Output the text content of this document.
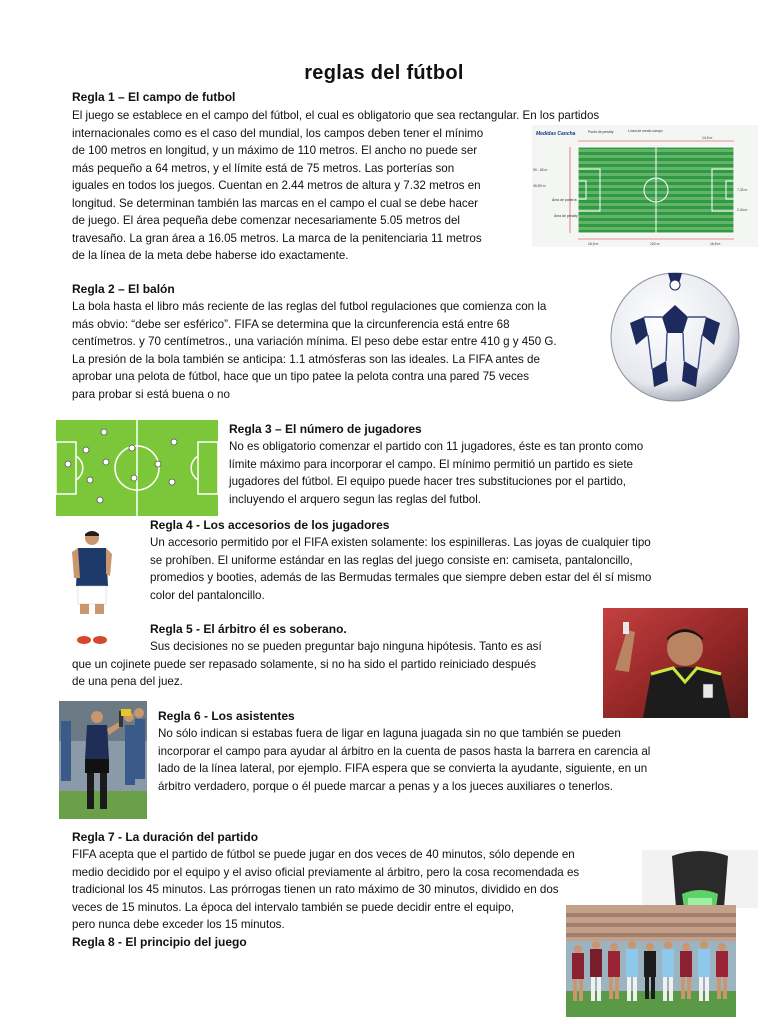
reglas del fútbol
Regla 1 – El campo de futbol
El juego se establece en el campo del fútbol, el cual es obligatorio que sea rectangular. En los partidos
internacionales como es el caso del mundial, los campos deben tener el mínimo
de 100 metros en longitud, y un máximo de 110 metros. El ancho no puede ser
más pequeño a 64 metros, y el límite está de 75 metros. Las porterías son
iguales en todos los juegos. Cuentan en 2.44 metros de altura y 7.32 metros en
longitud. Se determinan también las marcas en el campo el cual se debe hacer
de juego. El área pequeña debe comenzar necesariamente 5.05 metros del
travesaño. La gran área a 16.05 metros. La marca de la penitenciaria 11 metros
de la línea de la meta debe haberse ido exactamente.
Medidas Cancha	Punto de penalty	Línea de medio campo
14,5 m
90 - 45 m
45-90 m
Área de portería
Área de penalty
7,32 m
2,44 m
16,5 m	120 m	16,5 m
Regla 2 – El balón
La bola hasta el libro más reciente de las reglas del futbol regulaciones que comienza con la
más obvio: “debe ser esférico”. FIFA se determina que la circunferencia está entre 68
centímetros. y 70 centímetros., una variación mínima. El peso debe estar entre 410 g y 450 G.
La presión de la bola también se anticipa: 1.1 atmósferas son las ideales. La FIFA antes de
aprobar una pelota de fútbol, hace que un tipo patee la pelota contra una pared 75 veces
para probar si está buena o no
Regla 3 – El número de jugadores
No es obligatorio comenzar el partido con 11 jugadores, éste es tan pronto como
límite máximo para incorporar el campo. El mínimo permitió un partido es siete
jugadores del fútbol. El equipo puede hacer tres substituciones por el partido,
incluyendo el arquero segun las reglas del futbol.
Regla 4 - Los accesorios de los jugadores
Un accesorio permitido por el FIFA existen solamente: los espinilleras. Las joyas de cualquier tipo
se prohíben. El uniforme estándar en las reglas del juego consiste en: camiseta, pantaloncillo,
promedios y booties, además de las Bermudas termales que siempre deben estar del él sí mismo
color del pantaloncillo.
Regla 5 - El árbitro él es soberano.
Sus decisiones no se pueden preguntar bajo ninguna hipótesis. Tanto es así
que un cojinete puede ser repasado solamente, si no ha sido el partido reiniciado después
de una pena del juez.
Regla 6 - Los asistentes
No sólo indican si estabas fuera de ligar en laguna juagada sin no que también se pueden
incorporar el campo para ayudar al árbitro en la cuenta de pasos hasta la barrera en carencia al
lado de la línea lateral, por ejemplo. FIFA espera que se convierta la ayudante, siguiente, en un
árbitro verdadero, porque o él puede marcar a penas y a los jueces auxiliares o tenerlos.
Regla 7 - La duración del partido
FIFA acepta que el partido de fútbol se puede jugar en dos veces de 40 minutos, sólo depende en
medio decidido por el equipo y el aviso oficial previamente al árbitro, pero la cosa recomendada es
tradicional los 45 minutos. Las prórrogas tienen un rato máximo de 30 minutos, dividido en dos
veces de 15 minutos. La época del intervalo también se puede decidir entre el equipo,
pero nunca debe exceder los 15 minutos.
Regla 8 - El principio del juego
